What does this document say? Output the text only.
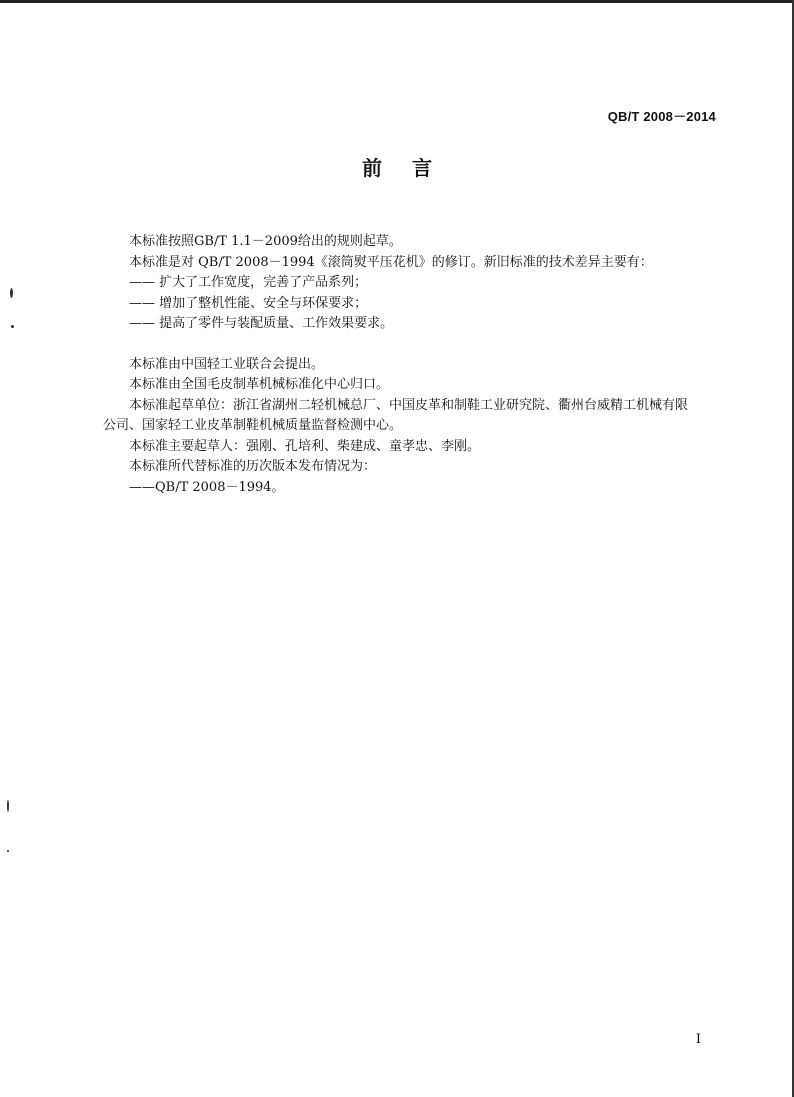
QB/T 2008－2014
前 言

本标准按照GB/T 1.1－2009给出的规则起草。

本标准是对 QB/T 2008－1994《滚筒熨平压花机》的修订。新旧标准的技术差异主要有：

—— 扩大了工作宽度，完善了产品系列；

—— 增加了整机性能、安全与环保要求；

—— 提高了零件与装配质量、工作效果要求。

本标准由中国轻工业联合会提出。

本标准由全国毛皮制革机械标准化中心归口。

本标准起草单位：浙江省湖州二轻机械总厂、中国皮革和制鞋工业研究院、衢州台威精工机械有限

公司、国家轻工业皮革制鞋机械质量监督检测中心。

本标准主要起草人：强刚、孔培利、柴建成、童孝忠、李刚。

本标准所代替标准的历次版本发布情况为：

——QB/T 2008－1994。

I
